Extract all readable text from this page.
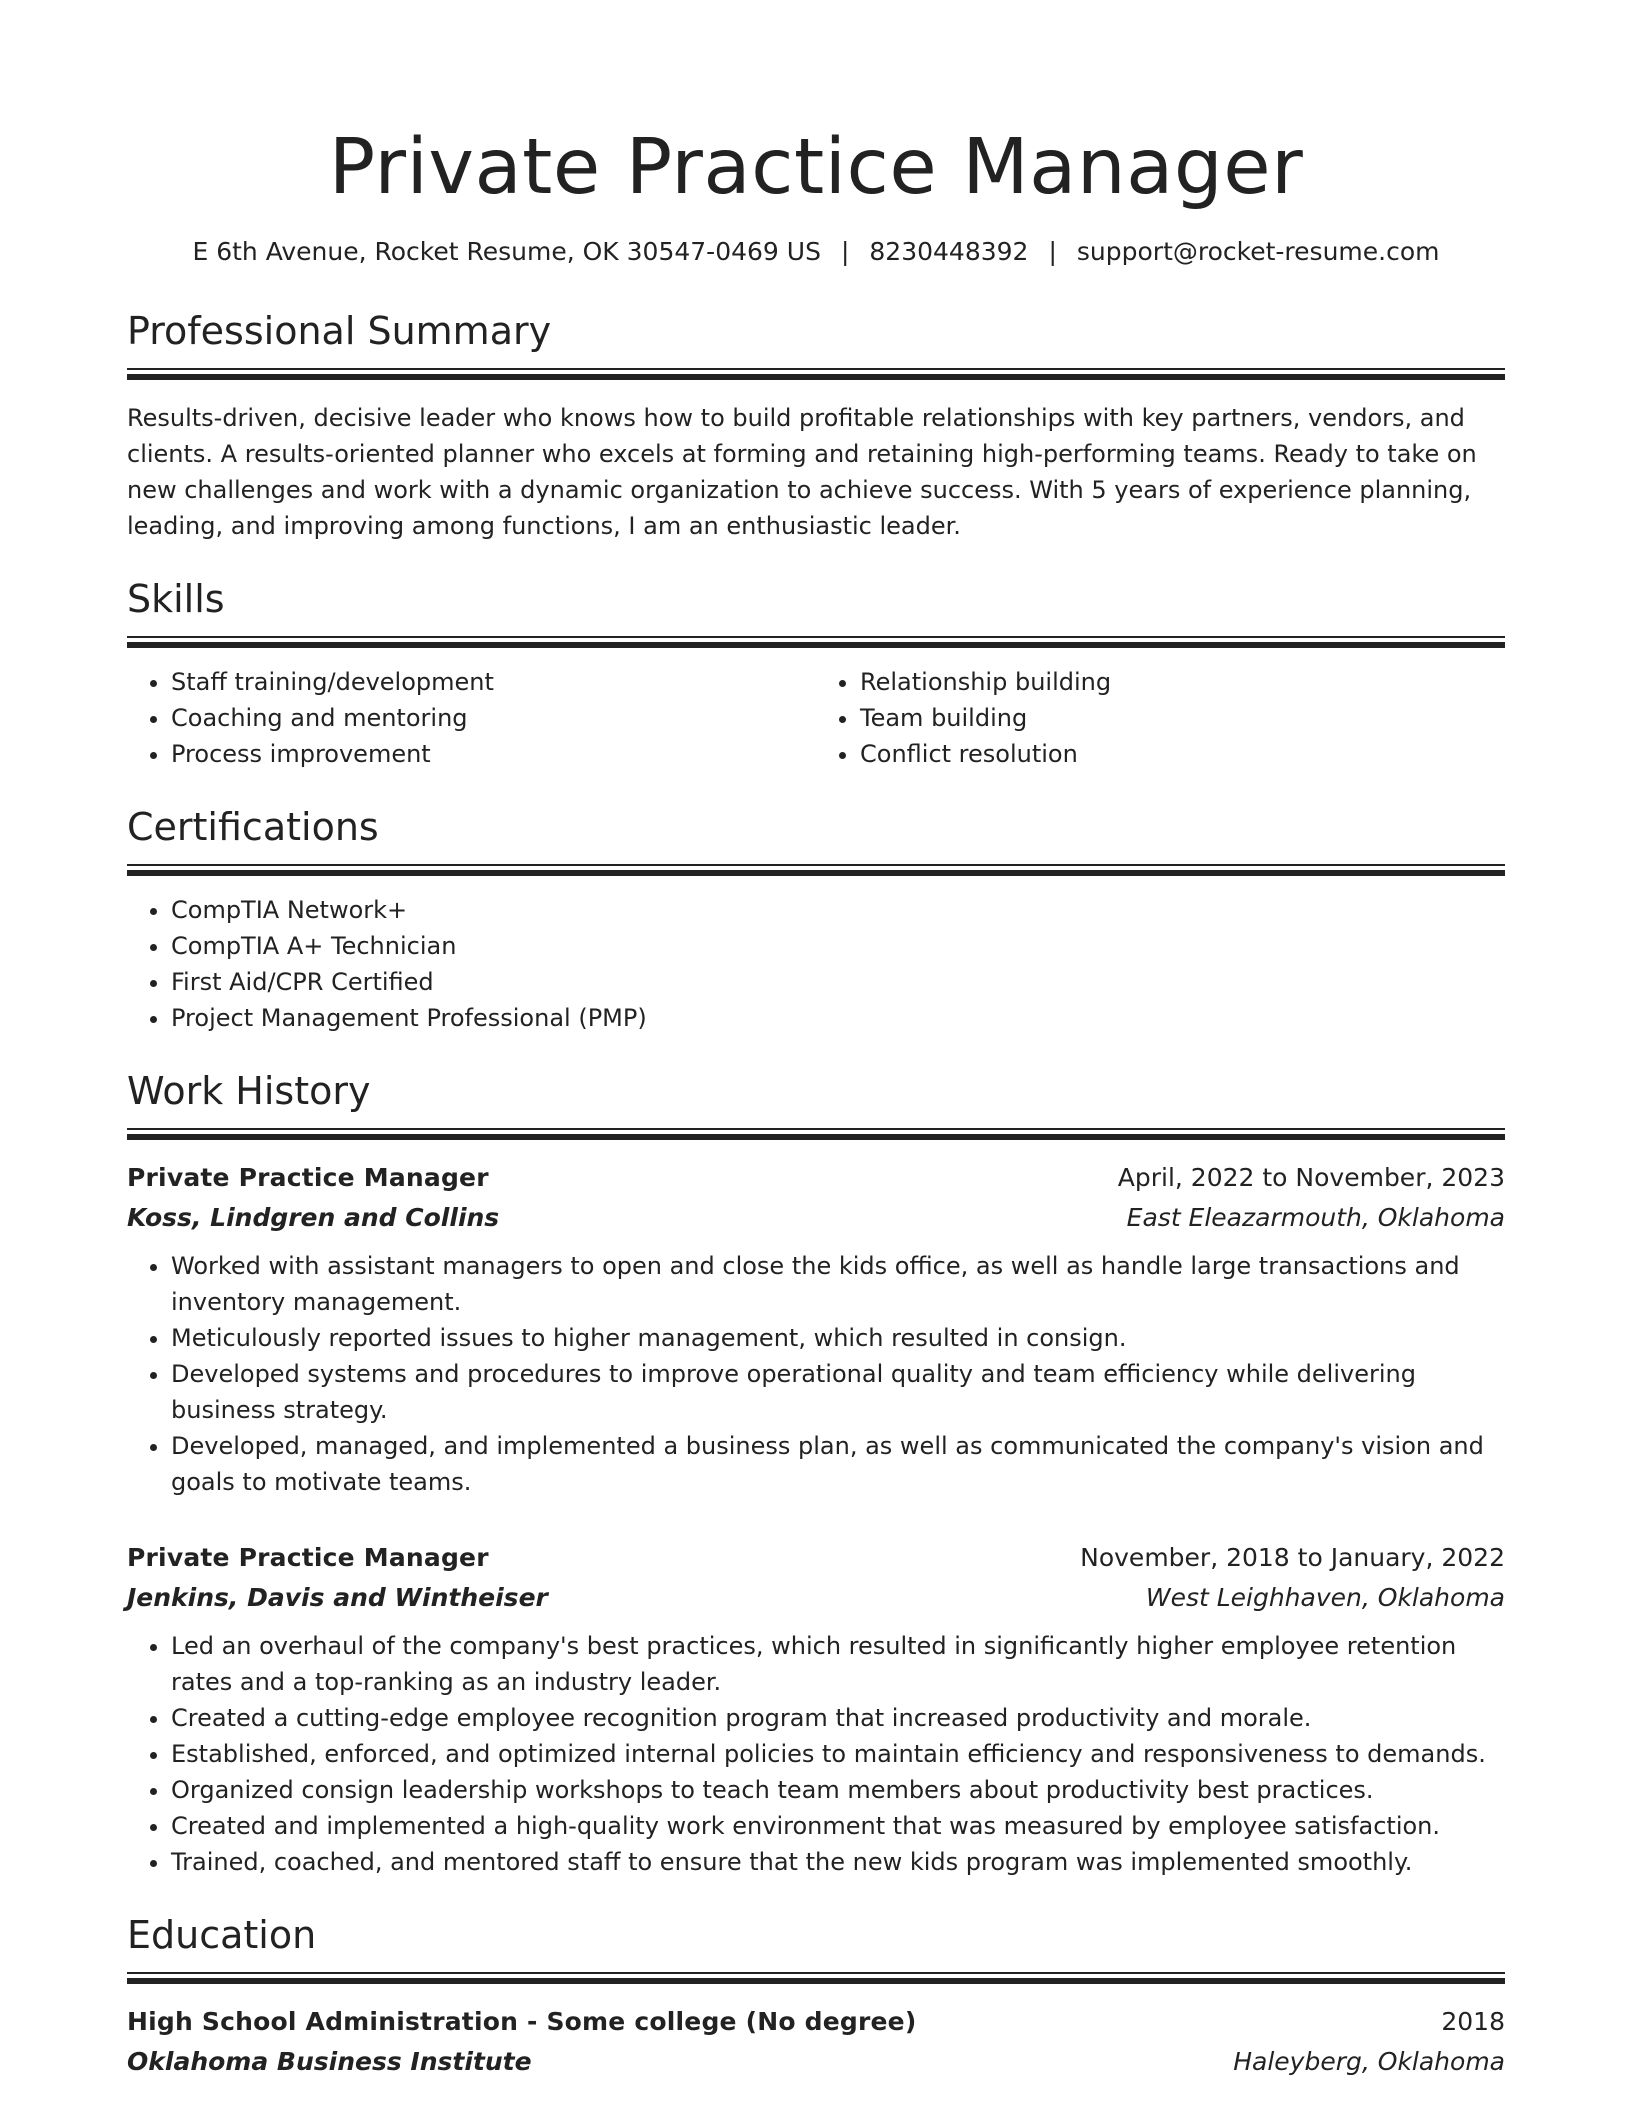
Private Practice Manager
E 6th Avenue, Rocket Resume, OK 30547-0469 US | 8230448392 | support@rocket-resume.com
Professional Summary
Results-driven, decisive leader who knows how to build profitable relationships with key partners, vendors, and clients. A results-oriented planner who excels at forming and retaining high-performing teams. Ready to take on new challenges and work with a dynamic organization to achieve success. With 5 years of experience planning, leading, and improving among functions, I am an enthusiastic leader.
Skills
• Staff training/development
• Coaching and mentoring
• Process improvement
• Relationship building
• Team building
• Conflict resolution
Certifications
• CompTIA Network+
• CompTIA A+ Technician
• First Aid/CPR Certified
• Project Management Professional (PMP)
Work History
Private Practice Manager	April, 2022 to November, 2023
Koss, Lindgren and Collins	East Eleazarmouth, Oklahoma
• Worked with assistant managers to open and close the kids office, as well as handle large transactions and inventory management.
• Meticulously reported issues to higher management, which resulted in consign.
• Developed systems and procedures to improve operational quality and team efficiency while delivering business strategy.
• Developed, managed, and implemented a business plan, as well as communicated the company's vision and goals to motivate teams.
Private Practice Manager	November, 2018 to January, 2022
Jenkins, Davis and Wintheiser	West Leighhaven, Oklahoma
• Led an overhaul of the company's best practices, which resulted in significantly higher employee retention rates and a top-ranking as an industry leader.
• Created a cutting-edge employee recognition program that increased productivity and morale.
• Established, enforced, and optimized internal policies to maintain efficiency and responsiveness to demands.
• Organized consign leadership workshops to teach team members about productivity best practices.
• Created and implemented a high-quality work environment that was measured by employee satisfaction.
• Trained, coached, and mentored staff to ensure that the new kids program was implemented smoothly.
Education
High School Administration - Some college (No degree)	2018
Oklahoma Business Institute	Haleyberg, Oklahoma
